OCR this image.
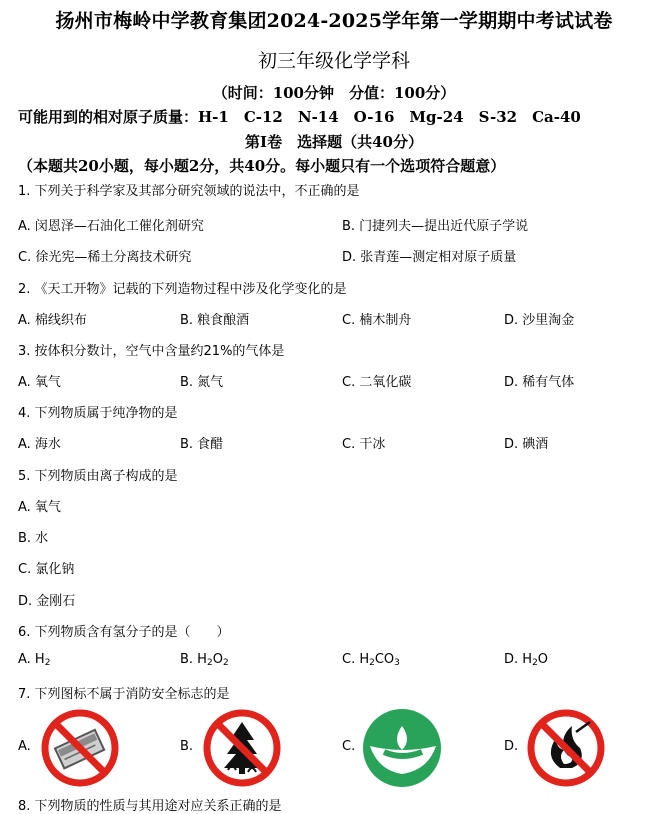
扬州市梅岭中学教育集团2024-2025学年第一学期期中考试试卷
初三年级化学学科
（时间：100分钟　分值：100分）
可能用到的相对原子质量：H-1　C-12　N-14　O-16　Mg-24　S-32　Ca-40
第Ⅰ卷　选择题（共40分）
（本题共20小题，每小题2分，共40分。每小题只有一个选项符合题意）
1. 下列关于科学家及其部分研究领域的说法中，不正确的是
A. 闵恩泽—石油化工催化剂研究	B. 门捷列夫—提出近代原子学说
C. 徐光宪—稀土分离技术研究	D. 张青莲—测定相对原子质量
2. 《天工开物》记载的下列造物过程中涉及化学变化的是
A. 棉线织布	B. 粮食酿酒	C. 楠木制舟	D. 沙里淘金
3. 按体积分数计，空气中含量约21%的气体是
A. 氧气	B. 氮气	C. 二氧化碳	D. 稀有气体
4. 下列物质属于纯净物的是
A. 海水	B. 食醋	C. 干冰	D. 碘酒
5. 下列物质由离子构成的是
A. 氧气
B. 水
C. 氯化钠
D. 金刚石
6. 下列物质含有氢分子的是（　　）
A. $H_2$	B. $H_2O_2$	C. $H_2CO_3$	D. $H_2O$
7. 下列图标不属于消防安全标志的是
A.	B.	C.	D.
8. 下列物质的性质与其用途对应关系正确的是
